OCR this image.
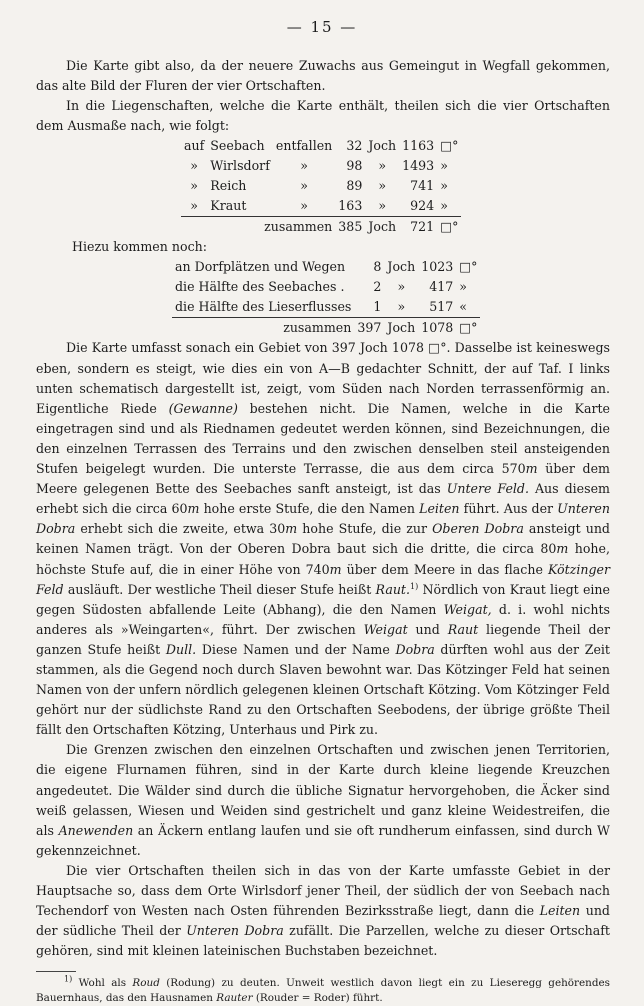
— 15 —

Die Karte gibt also, da der neuere Zuwachs aus Gemeingut in Wegfall gekommen, das alte Bild der Fluren der vier Ortschaften.

In die Liegenschaften, welche die Karte enthält, theilen sich die vier Ortschaften dem Ausmaße nach, wie folgt:

auf	Seebach	entfallen	32	Joch	1163	□°
»	Wirlsdorf	»	98	»	1493	»
»	Reich	»	89	»	741	»
»	Kraut	»	163	»	924	»
zusammen			385	Joch	721	□°

Hiezu kommen noch:

an Dorfplätzen und Wegen	8	Joch	1023	□°
die Hälfte des Seebaches .	2	»	417	»
die Hälfte des Lieserflusses	1	»	517	«
zusammen	397	Joch	1078	□°

Die Karte umfasst sonach ein Gebiet von 397 Joch 1078 □°. Dasselbe ist keineswegs eben, sondern es steigt, wie dies ein von A—B gedachter Schnitt, der auf Taf. I links unten schematisch dargestellt ist, zeigt, vom Süden nach Norden terrassenförmig an. Eigentliche Riede (Gewanne) bestehen nicht. Die Namen, welche in die Karte eingetragen sind und als Riednamen gedeutet werden können, sind Bezeichnungen, die den einzelnen Terrassen des Terrains und den zwischen denselben steil ansteigenden Stufen beigelegt wurden. Die unterste Terrasse, die aus dem circa 570m über dem Meere gelegenen Bette des Seebaches sanft ansteigt, ist das Untere Feld. Aus diesem erhebt sich die circa 60m hohe erste Stufe, die den Namen Leiten führt. Aus der Unteren Dobra erhebt sich die zweite, etwa 30m hohe Stufe, die zur Oberen Dobra ansteigt und keinen Namen trägt. Von der Oberen Dobra baut sich die dritte, die circa 80m hohe, höchste Stufe auf, die in einer Höhe von 740m über dem Meere in das flache Kötzinger Feld ausläuft. Der westliche Theil dieser Stufe heißt Raut.$^{1)}$ Nördlich von Kraut liegt eine gegen Südosten abfallende Leite (Abhang), die den Namen Weigat, d. i. wohl nichts anderes als »Weingarten«, führt. Der zwischen Weigat und Raut liegende Theil der ganzen Stufe heißt Dull. Diese Namen und der Name Dobra dürften wohl aus der Zeit stammen, als die Gegend noch durch Slaven bewohnt war. Das Kötzinger Feld hat seinen Namen von der unfern nördlich gelegenen kleinen Ortschaft Kötzing. Vom Kötzinger Feld gehört nur der südlichste Rand zu den Ortschaften Seebodens, der übrige größte Theil fällt den Ortschaften Kötzing, Unterhaus und Pirk zu.

Die Grenzen zwischen den einzelnen Ortschaften und zwischen jenen Territorien, die eigene Flurnamen führen, sind in der Karte durch kleine liegende Kreuzchen angedeutet. Die Wälder sind durch die übliche Signatur hervorgehoben, die Äcker sind weiß gelassen, Wiesen und Weiden sind gestrichelt und ganz kleine Weidestreifen, die als Anewenden an Äckern entlang laufen und sie oft rundherum einfassen, sind durch W gekennzeichnet.

Die vier Ortschaften theilen sich in das von der Karte umfasste Gebiet in der Hauptsache so, dass dem Orte Wirlsdorf jener Theil, der südlich der von Seebach nach Techendorf von Westen nach Osten führenden Bezirksstraße liegt, dann die Leiten und der südliche Theil der Unteren Dobra zufällt. Die Parzellen, welche zu dieser Ortschaft gehören, sind mit kleinen lateinischen Buchstaben bezeichnet.

$^{1)}$ Wohl als Roud (Rodung) zu deuten. Unweit westlich davon liegt ein zu Lieseregg gehörendes Bauernhaus, das den Hausnamen Rauter (Rouder = Roder) führt.
